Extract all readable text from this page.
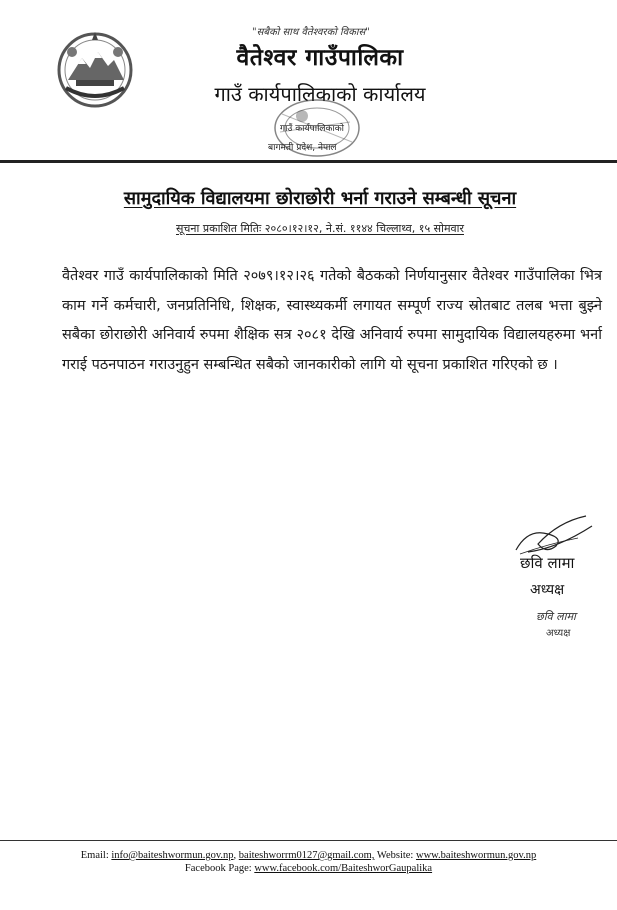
"सबैको साथ वैतेश्वरको विकास"
वैतेश्वर गाउँपालिका
गाउँ कार्यपालिकाको कार्यालय
गाउँ कार्यपालिकाको
बागमती प्रदेश, नेपाल
सामुदायिक विद्यालयमा छोराछोरी भर्ना गराउने सम्बन्धी सूचना
सूचना प्रकाशित मितिः २०८०।१२।१२, ने.सं. ११४४ चिल्लाथ्व, १५ सोमवार
वैतेश्वर गाउँ कार्यपालिकाको मिति २०७९।१२।२६ गतेको बैठकको निर्णयानुसार वैतेश्वर गाउँपालिका भित्र काम गर्ने कर्मचारी, जनप्रतिनिधि, शिक्षक, स्वास्थ्यकर्मी लगायत सम्पूर्ण राज्य स्रोतबाट तलब भत्ता बुझ्ने सबैका छोराछोरी अनिवार्य रुपमा शैक्षिक सत्र २०८१ देखि अनिवार्य रुपमा सामुदायिक विद्यालयहरुमा भर्ना गराई पठनपाठन गराउनुहुन सम्बन्धित सबैको जानकारीको लागि यो सूचना प्रकाशित गरिएको छ ।
छवि लामा
अध्यक्ष
छवि लामा
अध्यक्ष
Email: info@baiteshwormun.gov.np, baiteshworrm0127@gmail.com, Website: www.baiteshwormun.gov.np
Facebook Page: www.facebook.com/BaiteshworGaupalika
